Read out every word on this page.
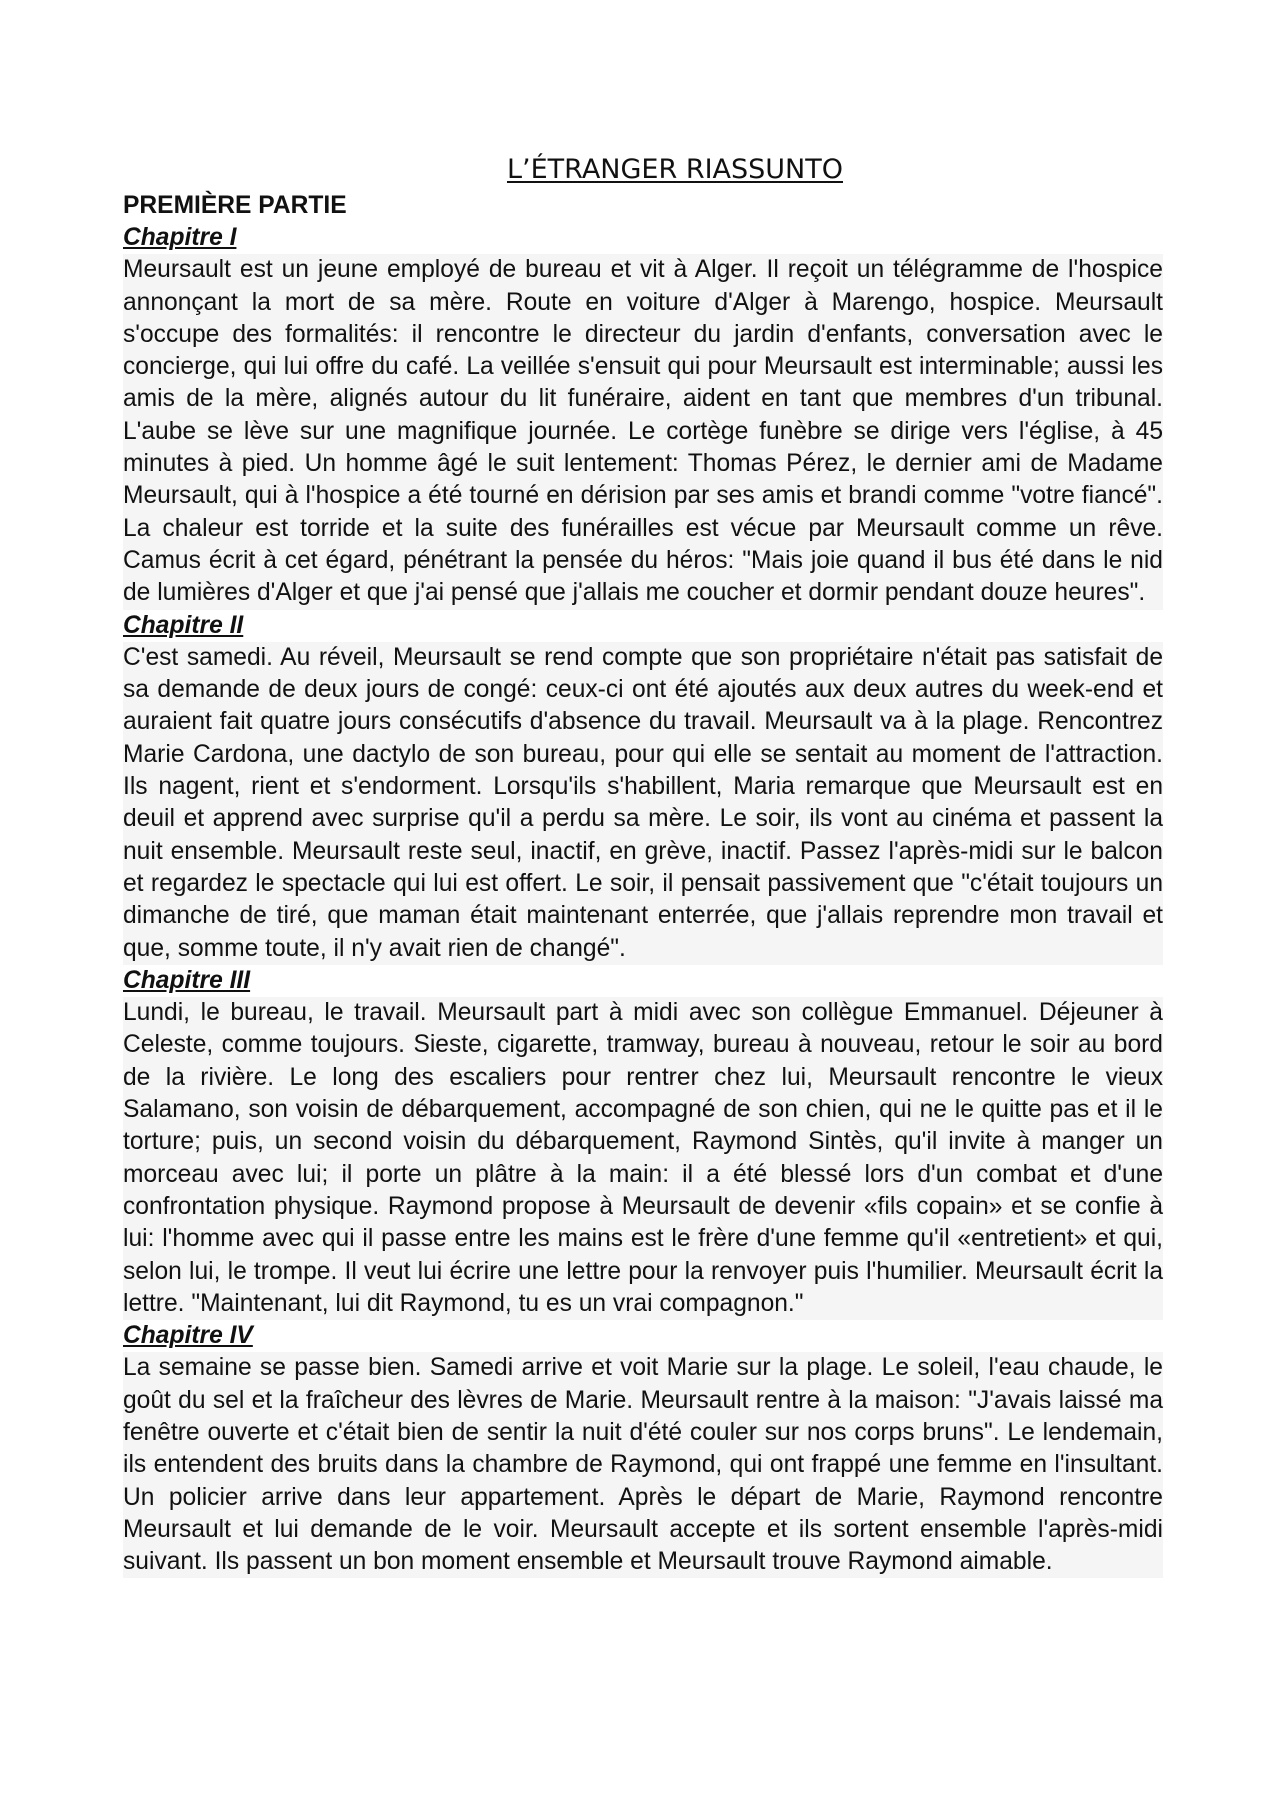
L’ÉTRANGER RIASSUNTO

PREMIÈRE PARTIE

Chapitre I

Meursault est un jeune employé de bureau et vit à Alger. Il reçoit un télégramme de l'hospice annonçant la mort de sa mère. Route en voiture d'Alger à Marengo, hospice. Meursault s'occupe des formalités: il rencontre le directeur du jardin d'enfants, conversation avec le concierge, qui lui offre du café. La veillée s'ensuit qui pour Meursault est interminable; aussi les amis de la mère, alignés autour du lit funéraire, aident en tant que membres d'un tribunal. L'aube se lève sur une magnifique journée. Le cortège funèbre se dirige vers l'église, à 45 minutes à pied. Un homme âgé le suit lentement: Thomas Pérez, le dernier ami de Madame Meursault, qui à l'hospice a été tourné en dérision par ses amis et brandi comme "votre fiancé". La chaleur est torride et la suite des funérailles est vécue par Meursault comme un rêve. Camus écrit à cet égard, pénétrant la pensée du héros: "Mais joie quand il bus été dans le nid de lumières d'Alger et que j'ai pensé que j'allais me coucher et dormir pendant douze heures".

Chapitre II

C'est samedi. Au réveil, Meursault se rend compte que son propriétaire n'était pas satisfait de sa demande de deux jours de congé: ceux-ci ont été ajoutés aux deux autres du week-end et auraient fait quatre jours consécutifs d'absence du travail. Meursault va à la plage. Rencontrez Marie Cardona, une dactylo de son bureau, pour qui elle se sentait au moment de l'attraction. Ils nagent, rient et s'endorment. Lorsqu'ils s'habillent, Maria remarque que Meursault est en deuil et apprend avec surprise qu'il a perdu sa mère. Le soir, ils vont au cinéma et passent la nuit ensemble. Meursault reste seul, inactif, en grève, inactif. Passez l'après-midi sur le balcon et regardez le spectacle qui lui est offert. Le soir, il pensait passivement que "c'était toujours un dimanche de tiré, que maman était maintenant enterrée, que j'allais reprendre mon travail et que, somme toute, il n'y avait rien de changé".

Chapitre III

Lundi, le bureau, le travail. Meursault part à midi avec son collègue Emmanuel. Déjeuner à Celeste, comme toujours. Sieste, cigarette, tramway, bureau à nouveau, retour le soir au bord de la rivière. Le long des escaliers pour rentrer chez lui, Meursault rencontre le vieux Salamano, son voisin de débarquement, accompagné de son chien, qui ne le quitte pas et il le torture; puis, un second voisin du débarquement, Raymond Sintès, qu'il invite à manger un morceau avec lui; il porte un plâtre à la main: il a été blessé lors d'un combat et d'une confrontation physique. Raymond propose à Meursault de devenir «fils copain» et se confie à lui: l'homme avec qui il passe entre les mains est le frère d'une femme qu'il «entretient» et qui, selon lui, le trompe. Il veut lui écrire une lettre pour la renvoyer puis l'humilier. Meursault écrit la lettre. "Maintenant, lui dit Raymond, tu es un vrai compagnon."

Chapitre IV

La semaine se passe bien. Samedi arrive et voit Marie sur la plage. Le soleil, l'eau chaude, le goût du sel et la fraîcheur des lèvres de Marie. Meursault rentre à la maison: "J'avais laissé ma fenêtre ouverte et c'était bien de sentir la nuit d'été couler sur nos corps bruns". Le lendemain, ils entendent des bruits dans la chambre de Raymond, qui ont frappé une femme en l'insultant. Un policier arrive dans leur appartement. Après le départ de Marie, Raymond rencontre Meursault et lui demande de le voir. Meursault accepte et ils sortent ensemble l'après-midi suivant. Ils passent un bon moment ensemble et Meursault trouve Raymond aimable.
